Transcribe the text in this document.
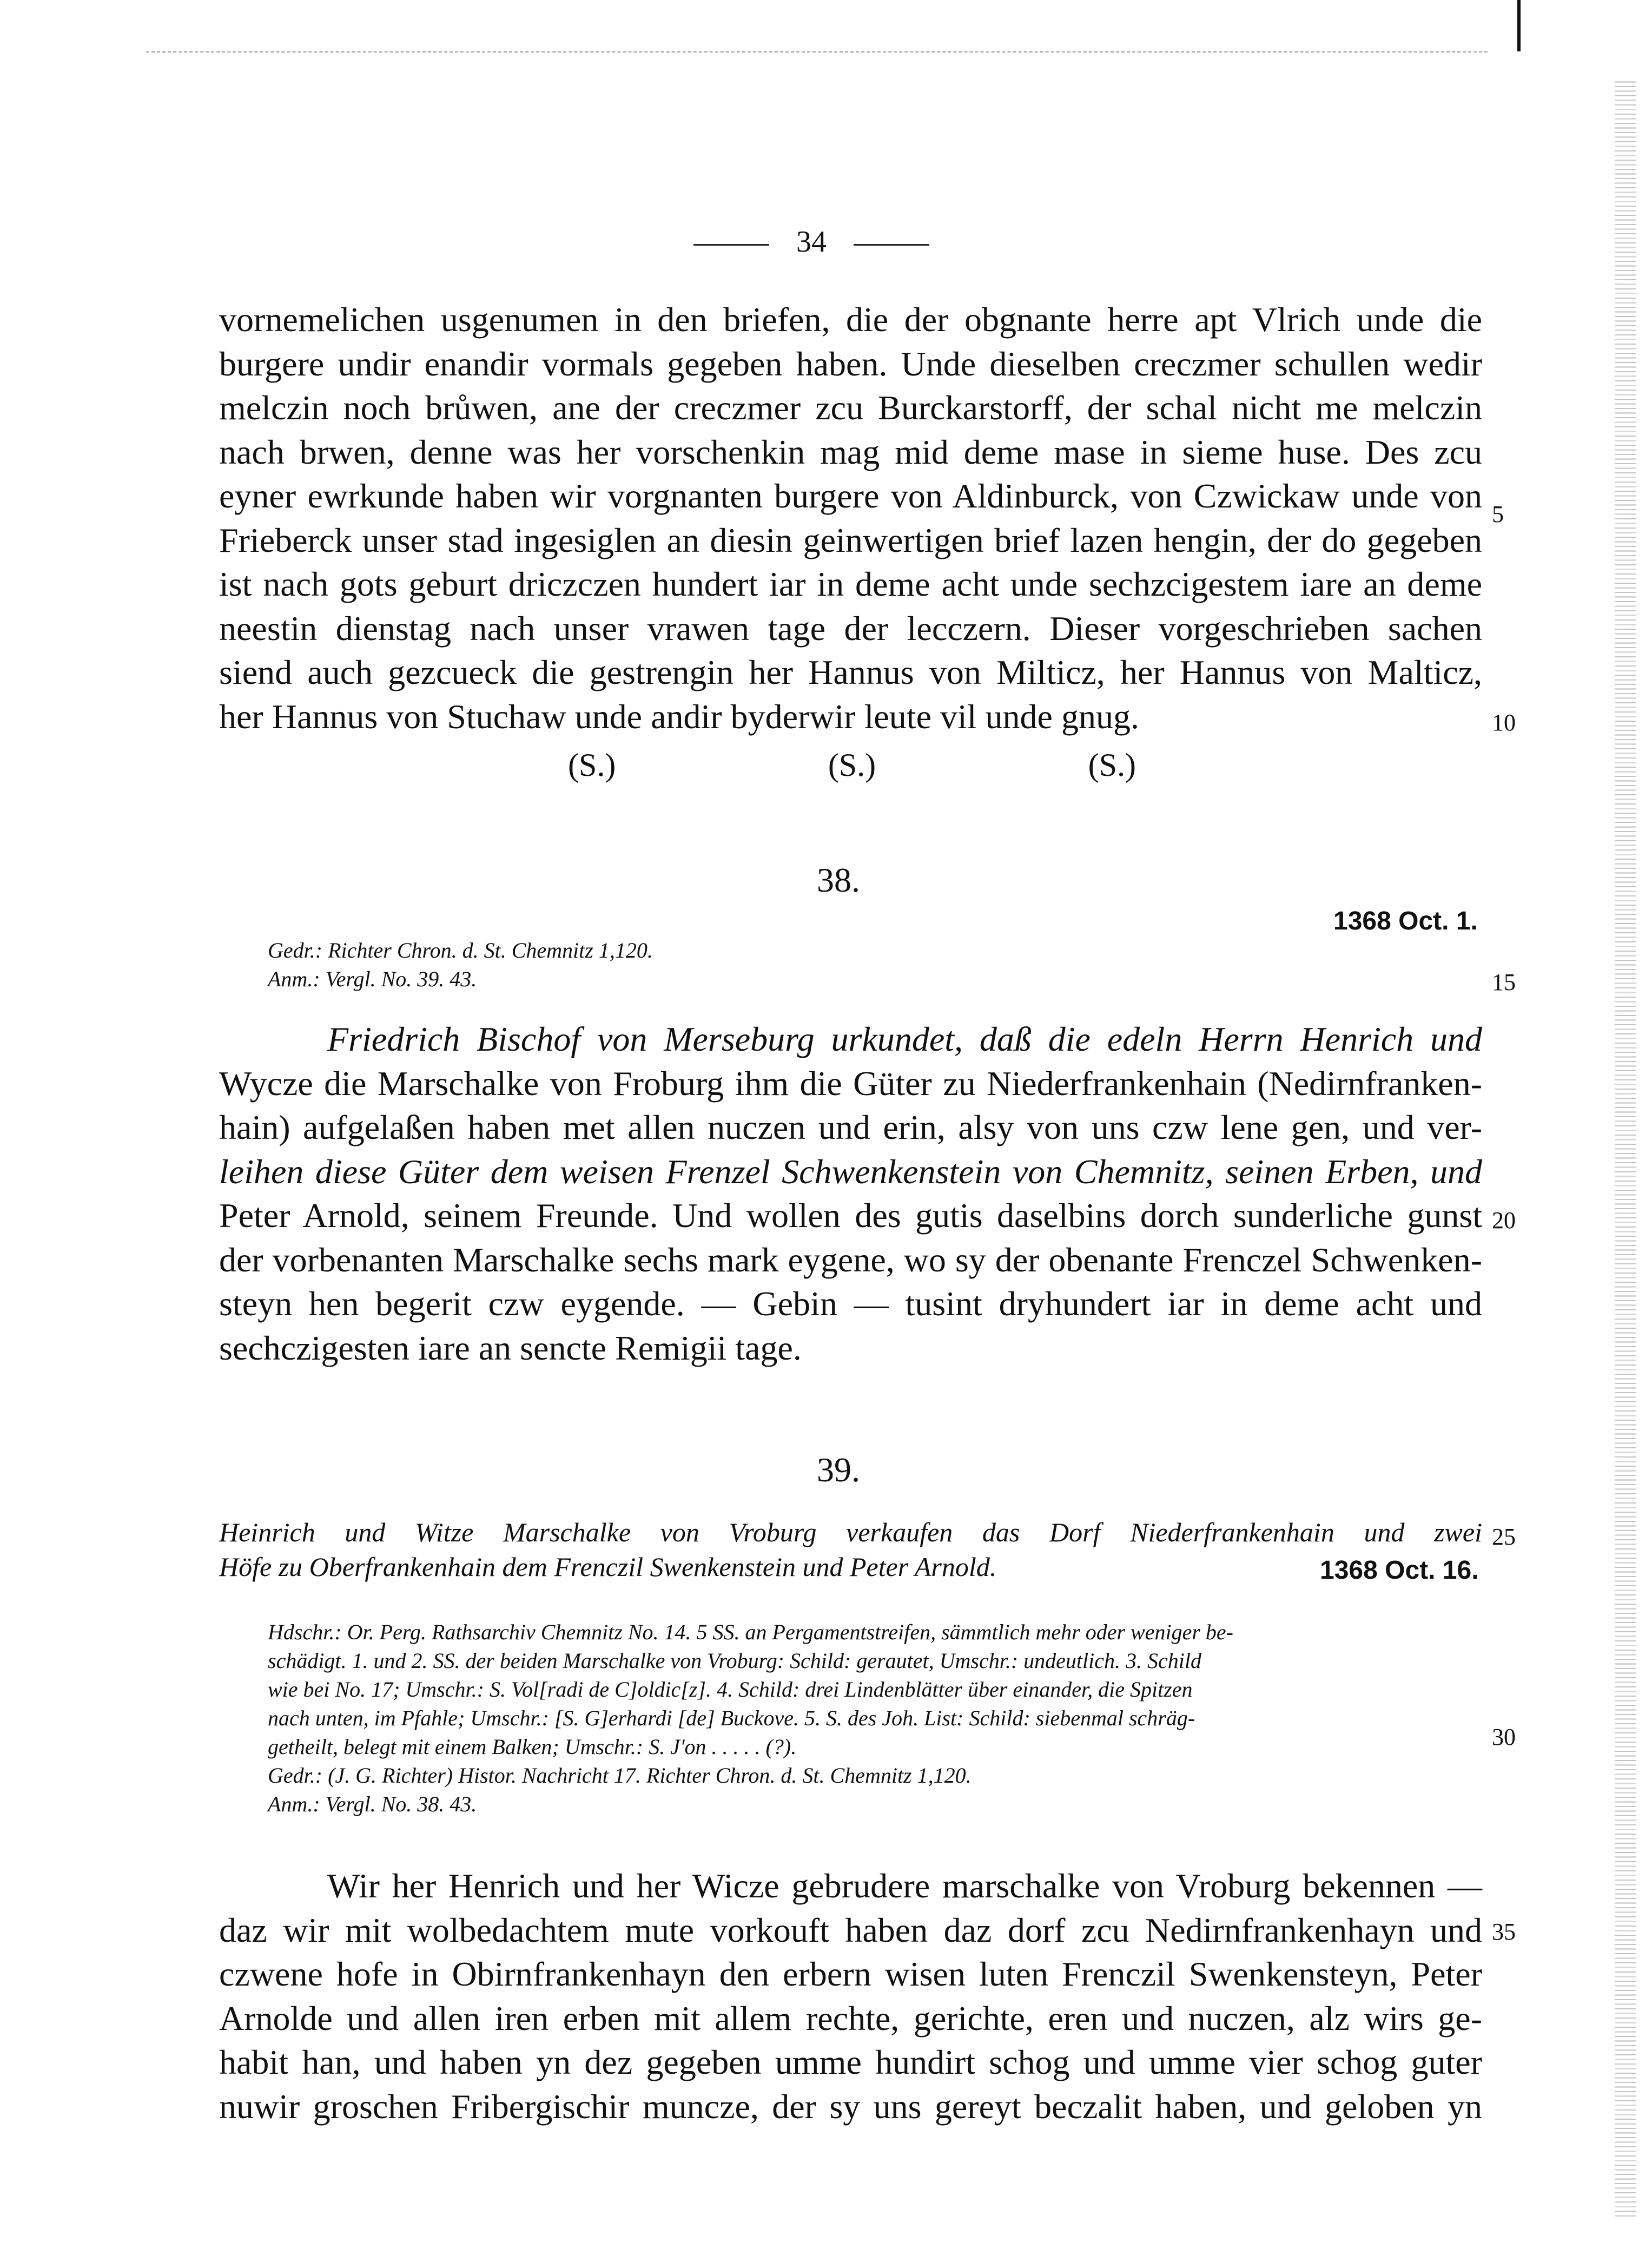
34
vornemelichen usgenumen in den briefen, die der obgnante herre apt Vlrich unde die
burgere undir enandir vormals gegeben haben. Unde dieselben creczmer schullen wedir
melczin noch brůwen, ane der creczmer zcu Burckarstorff, der schal nicht me melczin
nach brwen, denne was her vorschenkin mag mid deme mase in sieme huse. Des zcu
eyner ewrkunde haben wir vorgnanten burgere von Aldinburck, von Czwickaw unde von
Frieberck unser stad ingesiglen an diesin geinwertigen brief lazen hengin, der do gegeben
ist nach gots geburt driczczen hundert iar in deme acht unde sechzcigestem iare an deme
neestin dienstag nach unser vrawen tage der lecczern. Dieser vorgeschrieben sachen
siend auch gezcueck die gestrengin her Hannus von Milticz, her Hannus von Malticz,
her Hannus von Stuchaw unde andir byderwir leute vil unde gnug.
(S.)	(S.)	(S.)
5
10
15
20
25
30
35
38.
1368 Oct. 1.
Gedr.: Richter Chron. d. St. Chemnitz 1,120.
Anm.: Vergl. No. 39. 43.
Friedrich Bischof von Merseburg urkundet, daß die edeln Herrn Henrich und
Wycze die Marschalke von Froburg ihm die Güter zu Niederfrankenhain (Nedirnfranken-
hain) aufgelaßen haben met allen nuczen und erin, alsy von uns czw lene gen, und ver-
leihen diese Güter dem weisen Frenzel Schwenkenstein von Chemnitz, seinen Erben, und
Peter Arnold, seinem Freunde. Und wollen des gutis daselbins dorch sunderliche gunst
der vorbenanten Marschalke sechs mark eygene, wo sy der obenante Frenczel Schwenken-
steyn hen begerit czw eygende. — Gebin — tusint dryhundert iar in deme acht und
sechczigesten iare an sencte Remigii tage.
39.
Heinrich und Witze Marschalke von Vroburg verkaufen das Dorf Niederfrankenhain und zwei
Höfe zu Oberfrankenhain dem Frenczil Swenkenstein und Peter Arnold.	1368 Oct. 16.
Hdschr.: Or. Perg. Rathsarchiv Chemnitz No. 14. 5 SS. an Pergamentstreifen, sämmtlich mehr oder weniger be-
schädigt. 1. und 2. SS. der beiden Marschalke von Vroburg: Schild: gerautet, Umschr.: undeutlich. 3. Schild
wie bei No. 17; Umschr.: S. Vol[radi de C]oldic[z]. 4. Schild: drei Lindenblätter über einander, die Spitzen
nach unten, im Pfahle; Umschr.: [S. G]erhardi [de] Buckove. 5. S. des Joh. List: Schild: siebenmal schräg-
getheilt, belegt mit einem Balken; Umschr.: S. J'on . . . . . (?).
Gedr.: (J. G. Richter) Histor. Nachricht 17. Richter Chron. d. St. Chemnitz 1,120.
Anm.: Vergl. No. 38. 43.
Wir her Henrich und her Wicze gebrudere marschalke von Vroburg bekennen —
daz wir mit wolbedachtem mute vorkouft haben daz dorf zcu Nedirnfrankenhayn und
czwene hofe in Obirnfrankenhayn den erbern wisen luten Frenczil Swenkensteyn, Peter
Arnolde und allen iren erben mit allem rechte, gerichte, eren und nuczen, alz wirs ge-
habit han, und haben yn dez gegeben umme hundirt schog und umme vier schog guter
nuwir groschen Fribergischir muncze, der sy uns gereyt beczalit haben, und geloben yn
